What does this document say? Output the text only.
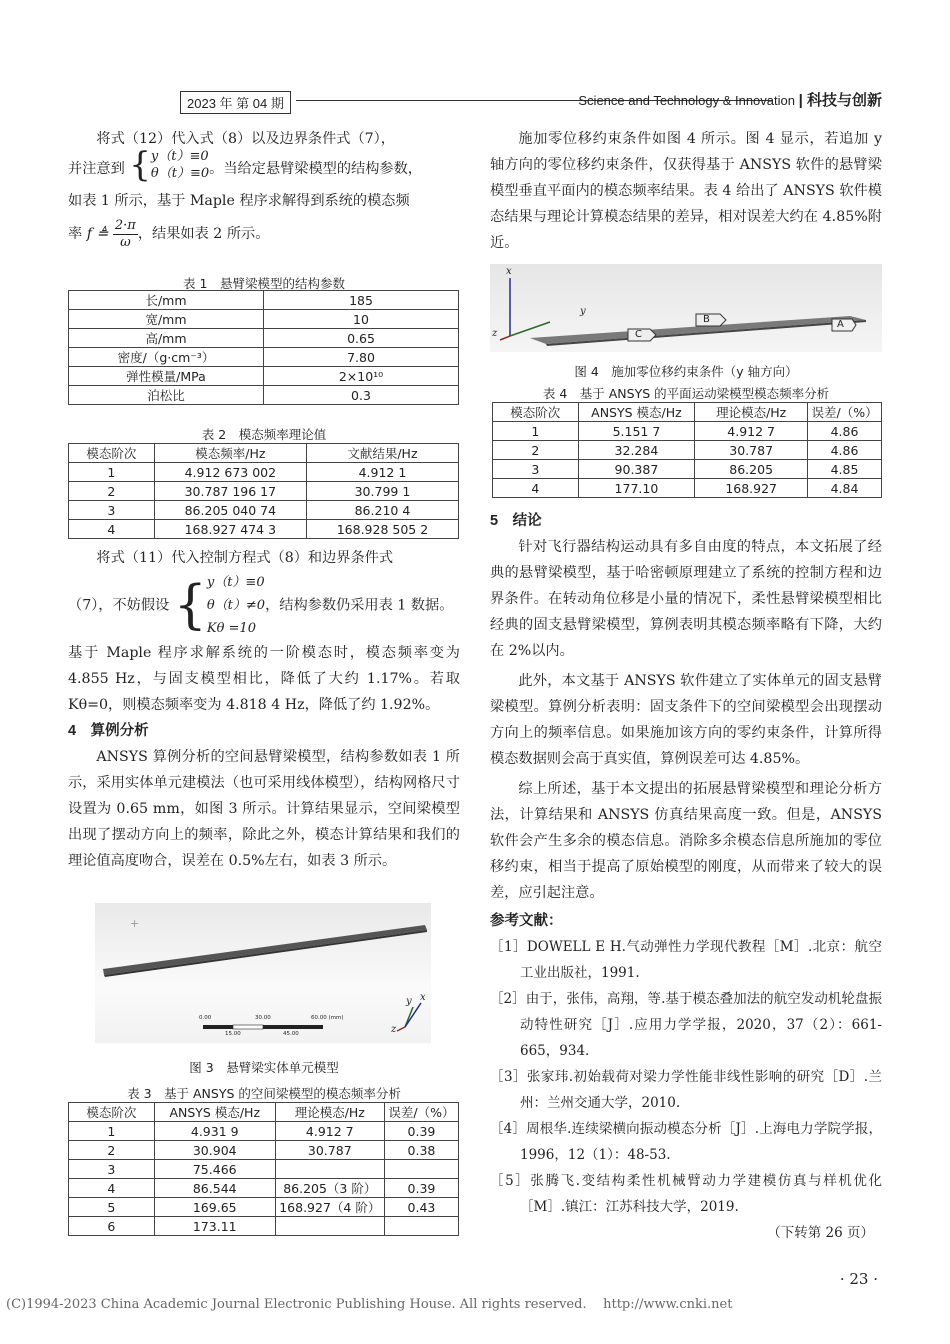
2023 年 第 04 期	Science and Technology & Innovation | 科技与创新

将式（12）代入式（8）以及边界条件式（7），

并注意到 { y（t）≡0
θ（t）≡0 。当给定悬臂梁模型的结构参数，

如表 1 所示，基于 Maple 程序求解得到系统的模态频

率 f ≜ $\frac{2\cdot\pi}{\omega}$ ，结果如表 2 所示。

表 1　悬臂梁模型的结构参数
长/mm	185
宽/mm	10
高/mm	0.65
密度/（g·cm⁻³）	7.80
弹性模量/MPa	2×10¹⁰
泊松比	0.3
表 2　模态频率理论值
模态阶次	模态频率/Hz	文献结果/Hz
1	4.912 673 002	4.912 1
2	30.787 196 17	30.799 1
3	86.205 040 74	86.210 4
4	168.927 474 3	168.928 505 2

将式（11）代入控制方程式（8）和边界条件式

（7），不妨假设 { y（t）≡0
θ（t）≠0
Kθ =10
，结构参数仍采用表 1 数据。

基于 Maple 程序求解系统的一阶模态时，模态频率变为 4.855 Hz，与固支模型相比，降低了大约 1.17%。若取 Kθ=0，则模态频率变为 4.818 4 Hz，降低了约 1.92%。

4　算例分析

ANSYS 算例分析的空间悬臂梁模型，结构参数如表 1 所示，采用实体单元建模法（也可采用线体模型），结构网格尺寸设置为 0.65 mm，如图 3 所示。计算结果显示，空间梁模型出现了摆动方向上的频率，除此之外，模态计算结果和我们的理论值高度吻合，误差在 0.5%左右，如表 3 所示。

+
0.00	30.00	60.00 (mm)
15.00	45.00
y x
z
图 3　悬臂梁实体单元模型
表 3　基于 ANSYS 的空间梁模型的模态频率分析
模态阶次	ANSYS 模态/Hz	理论模态/Hz	误差/（%）
1	4.931 9	4.912 7	0.39
2	30.904	30.787	0.38
3	75.466		
4	86.544	86.205（3 阶）	0.39
5	169.65	168.927（4 阶）	0.43
6	173.11		

施加零位移约束条件如图 4 所示。图 4 显示，若追加 y 轴方向的零位移约束条件，仅获得基于 ANSYS 软件的悬臂梁模型垂直平面内的模态频率结果。表 4 给出了 ANSYS 软件模态结果与理论计算模态结果的差异，相对误差大约在 4.85%附近。

x
y
z
B
C
A
图 4　施加零位移约束条件（y 轴方向）
表 4　基于 ANSYS 的平面运动梁模型模态频率分析
模态阶次	ANSYS 模态/Hz	理论模态/Hz	误差/（%）
1	5.151 7	4.912 7	4.86
2	32.284	30.787	4.86
3	90.387	86.205	4.85
4	177.10	168.927	4.84

5　结论

针对飞行器结构运动具有多自由度的特点，本文拓展了经典的悬臂梁模型，基于哈密顿原理建立了系统的控制方程和边界条件。在转动角位移是小量的情况下，柔性悬臂梁模型相比经典的固支悬臂梁模型，算例表明其模态频率略有下降，大约在 2%以内。

此外，本文基于 ANSYS 软件建立了实体单元的固支悬臂梁模型。算例分析表明：固支条件下的空间梁模型会出现摆动方向上的频率信息。如果施加该方向的零约束条件，计算所得模态数据则会高于真实值，算例误差可达 4.85%。

综上所述，基于本文提出的拓展悬臂梁模型和理论分析方法，计算结果和 ANSYS 仿真结果高度一致。但是，ANSYS 软件会产生多余的模态信息。消除多余模态信息所施加的零位移约束，相当于提高了原始模型的刚度，从而带来了较大的误差，应引起注意。

参考文献：

［1］DOWELL E H.气动弹性力学现代教程［M］.北京：航空工业出版社，1991.

［2］由于，张伟，高翔，等.基于模态叠加法的航空发动机轮盘振动特性研究［J］.应用力学学报，2020，37（2）：661-665，934.

［3］张家玮.初始载荷对梁力学性能非线性影响的研究［D］.兰州：兰州交通大学，2010.

［4］周根华.连续梁横向振动模态分析［J］.上海电力学院学报，1996，12（1）：48-53.

［5］张腾飞.变结构柔性机械臂动力学建模仿真与样机优化［M］.镇江：江苏科技大学，2019.

（下转第 26 页）

· 23 ·
(C)1994-2023 China Academic Journal Electronic Publishing House. All rights reserved.    http://www.cnki.net
